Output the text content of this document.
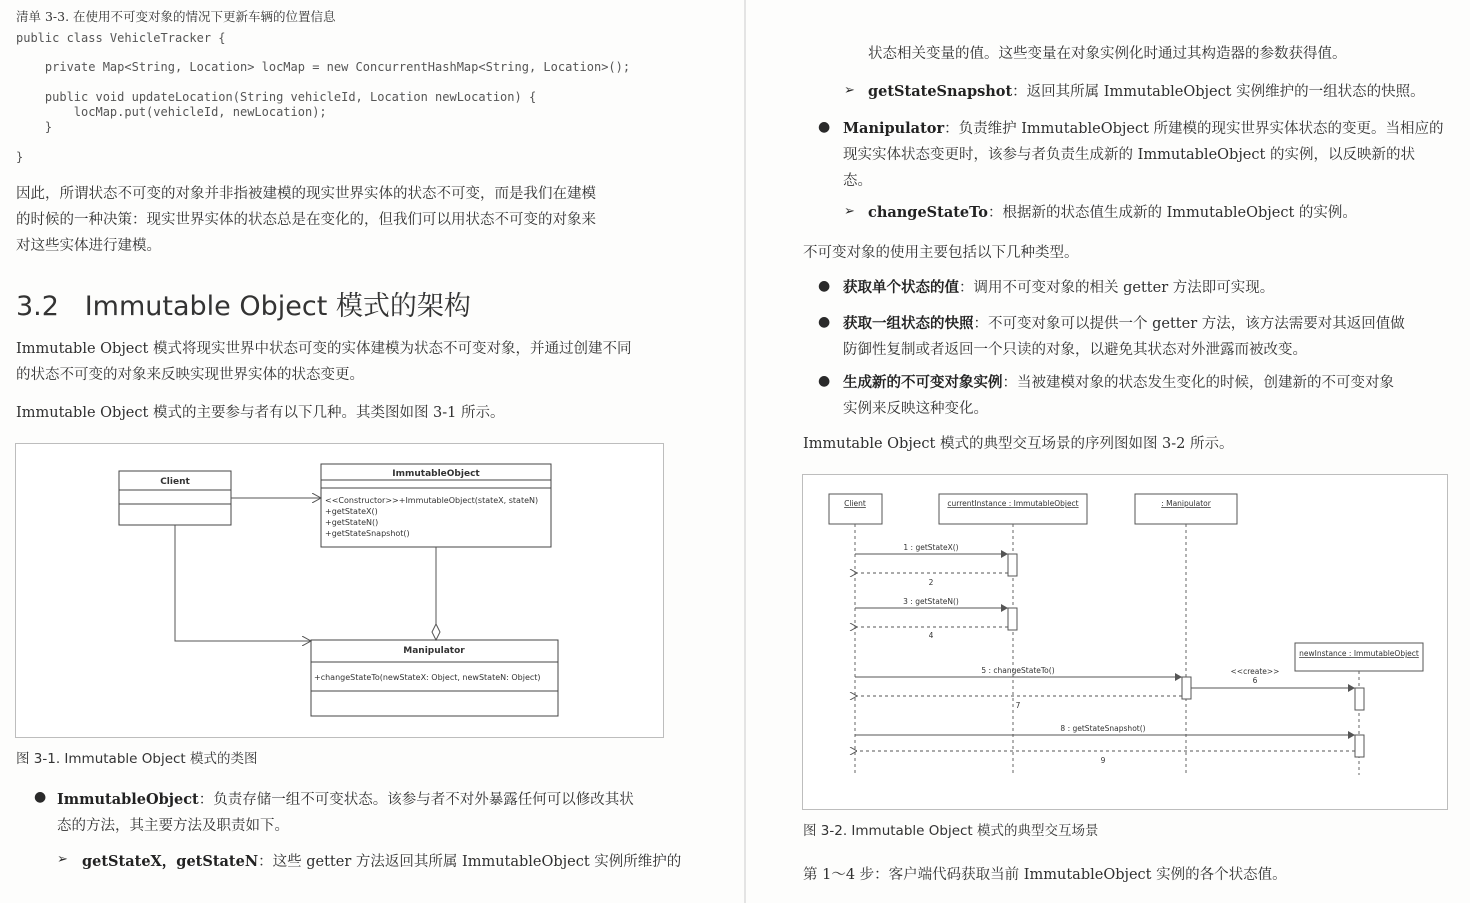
清单 3-3. 在使用不可变对象的情况下更新车辆的位置信息
public class VehicleTracker {
private Map<String, Location> locMap = new ConcurrentHashMap<String, Location>();
public void updateLocation(String vehicleId, Location newLocation) {
locMap.put(vehicleId, newLocation);
}
}
因此，所谓状态不可变的对象并非指被建模的现实世界实体的状态不可变，而是我们在建模
的时候的一种决策：现实世界实体的状态总是在变化的，但我们可以用状态不可变的对象来
对这些实体进行建模。
3.2 Immutable Object 模式的架构
Immutable Object 模式将现实世界中状态可变的实体建模为状态不可变对象，并通过创建不同
的状态不可变的对象来反映实现世界实体的状态变更。
Immutable Object 模式的主要参与者有以下几种。其类图如图 3-1 所示。
Client
ImmutableObject
<<Constructor>>+ImmutableObject(stateX, stateN)
+getStateX()
+getStateN()
+getStateSnapshot()
Manipulator
+changeStateTo(newStateX: Object, newStateN: Object)
图 3-1. Immutable Object 模式的类图
● ImmutableObject：负责存储一组不可变状态。该参与者不对外暴露任何可以修改其状
态的方法，其主要方法及职责如下。
➢ getStateX，getStateN：这些 getter 方法返回其所属 ImmutableObject 实例所维护的
状态相关变量的值。这些变量在对象实例化时通过其构造器的参数获得值。
➢ getStateSnapshot：返回其所属 ImmutableObject 实例维护的一组状态的快照。
● Manipulator：负责维护 ImmutableObject 所建模的现实世界实体状态的变更。当相应的
现实实体状态变更时，该参与者负责生成新的 ImmutableObject 的实例，以反映新的状
态。
➢ changeStateTo：根据新的状态值生成新的 ImmutableObject 的实例。
不可变对象的使用主要包括以下几种类型。
● 获取单个状态的值：调用不可变对象的相关 getter 方法即可实现。
● 获取一组状态的快照：不可变对象可以提供一个 getter 方法，该方法需要对其返回值做
防御性复制或者返回一个只读的对象，以避免其状态对外泄露而被改变。
● 生成新的不可变对象实例：当被建模对象的状态发生变化的时候，创建新的不可变对象
实例来反映这种变化。
Immutable Object 模式的典型交互场景的序列图如图 3-2 所示。
Client	currentInstance : ImmutableObject	: Manipulator
newInstance : ImmutableObject
1 : getStateX()
2
3 : getStateN()
4
5 : changeStateTo()	<<create>>
6
7
8 : getStateSnapshot()
9
图 3-2. Immutable Object 模式的典型交互场景
第 1～4 步：客户端代码获取当前 ImmutableObject 实例的各个状态值。
